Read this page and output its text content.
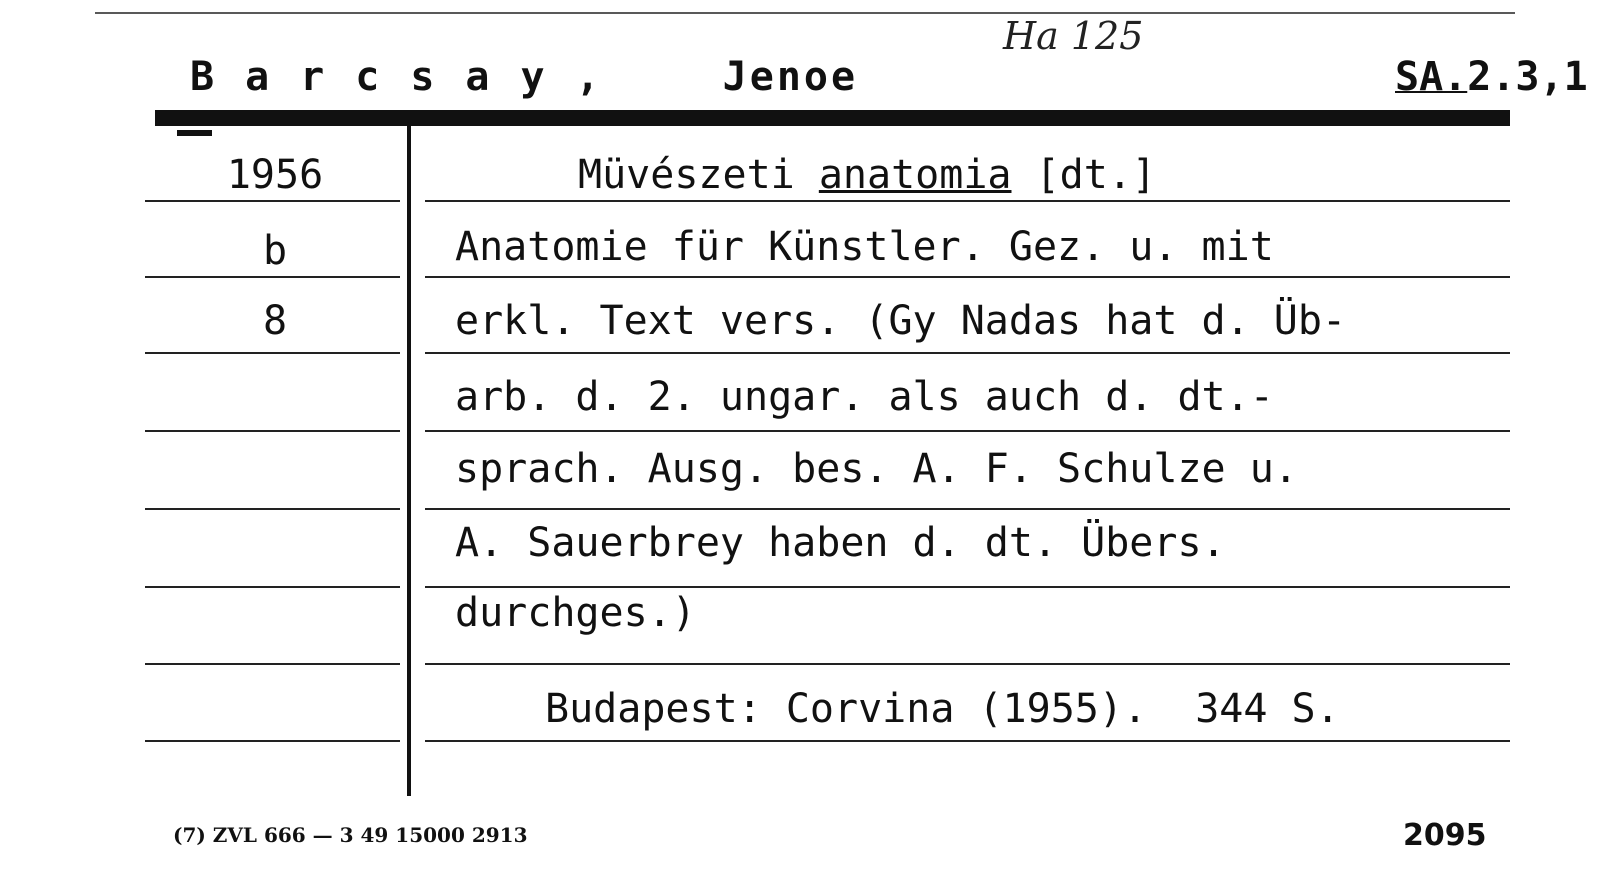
Barcsay, Jenoe
Ha 125
SA.2.3,1
1956
b
8
Müvészeti anatomia [dt.]
Anatomie für Künstler. Gez. u. mit
erkl. Text vers. (Gy Nadas hat d. Üb-
arb. d. 2. ungar. als auch d. dt.-
sprach. Ausg. bes. A. F. Schulze u.
A. Sauerbrey haben d. dt. Übers.
durchges.)
Budapest: Corvina (1955).  344 S.
(7) ZVL 666 — 3 49 15000 2913	2095
